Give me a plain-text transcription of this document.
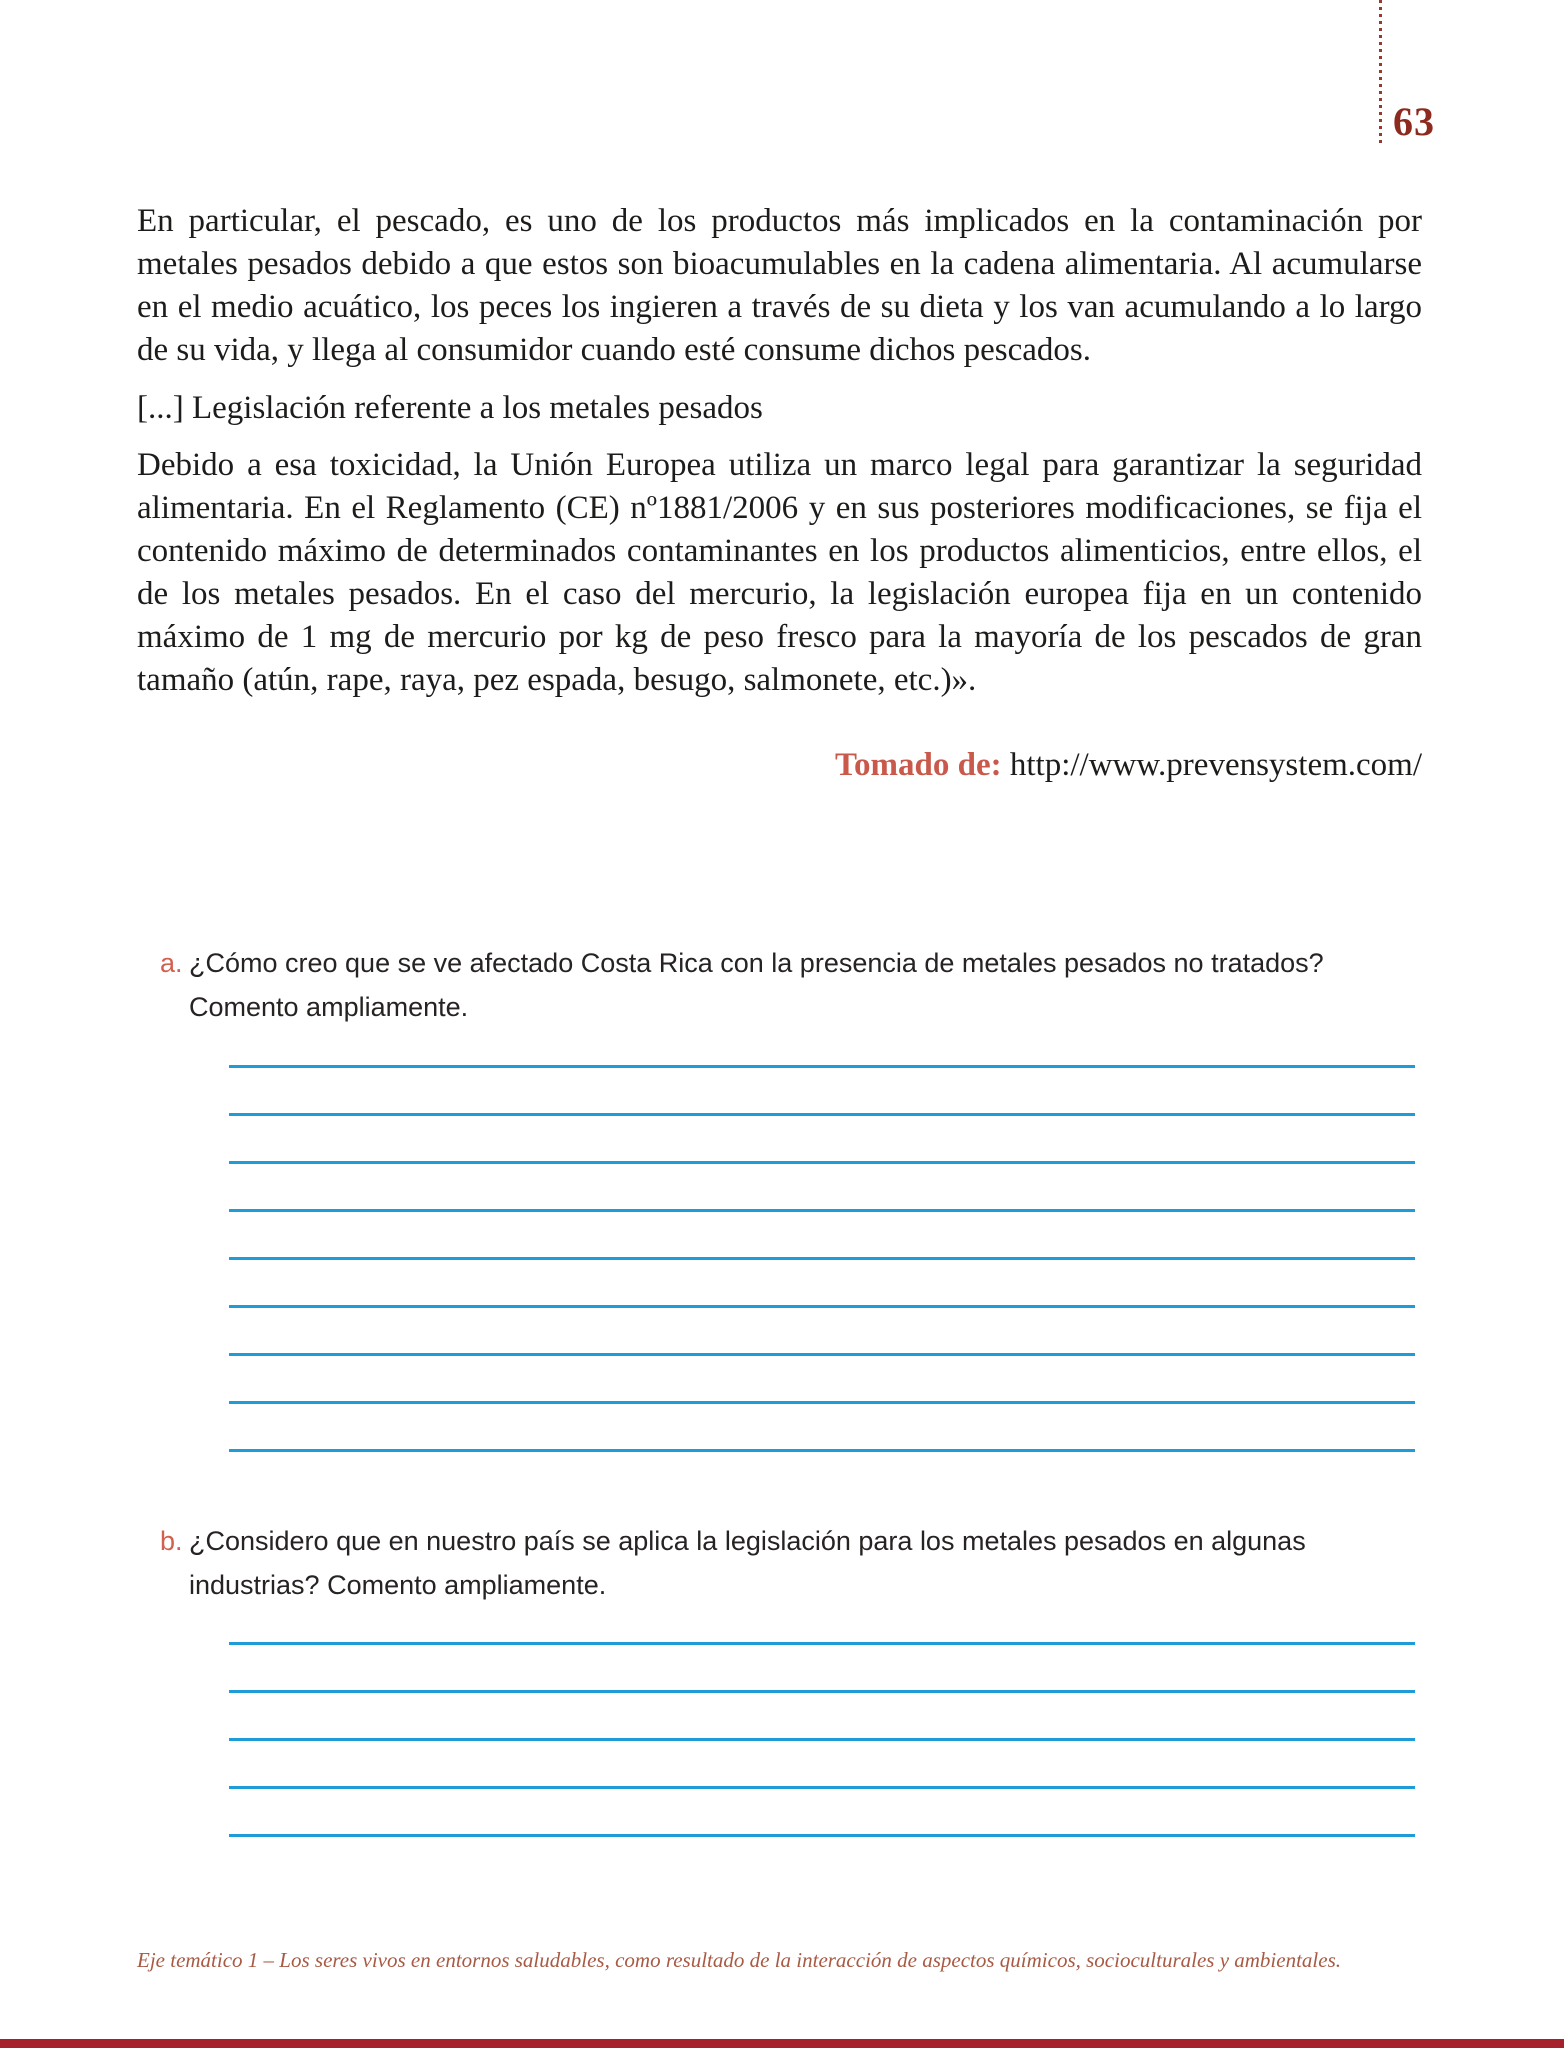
63

En particular, el pescado, es uno de los productos más implicados en la contaminación por metales pesados debido a que estos son bioacumulables en la cadena alimentaria. Al acumularse en el medio acuático, los peces los ingieren a través de su dieta y los van acumulando a lo largo de su vida, y llega al consumidor cuando esté consume dichos pescados.

[...] Legislación referente a los metales pesados

Debido a esa toxicidad, la Unión Europea utiliza un marco legal para garantizar la seguridad alimentaria. En el Reglamento (CE) nº1881/2006 y en sus posteriores modificaciones, se fija el contenido máximo de determinados contaminantes en los productos alimenticios, entre ellos, el de los metales pesados. En el caso del mercurio, la legislación europea fija en un contenido máximo de 1 mg de mercurio por kg de peso fresco para la mayoría de los pescados de gran tamaño (atún, rape, raya, pez espada, besugo, salmonete, etc.)».

Tomado de: http://www.prevensystem.com/

a. ¿Cómo creo que se ve afectado Costa Rica con la presencia de metales pesados no tratados? Comento ampliamente.

b. ¿Considero que en nuestro país se aplica la legislación para los metales pesados en algunas industrias? Comento ampliamente.

Eje temático 1 – Los seres vivos en entornos saludables, como resultado de la interacción de aspectos químicos, socioculturales y ambientales.
